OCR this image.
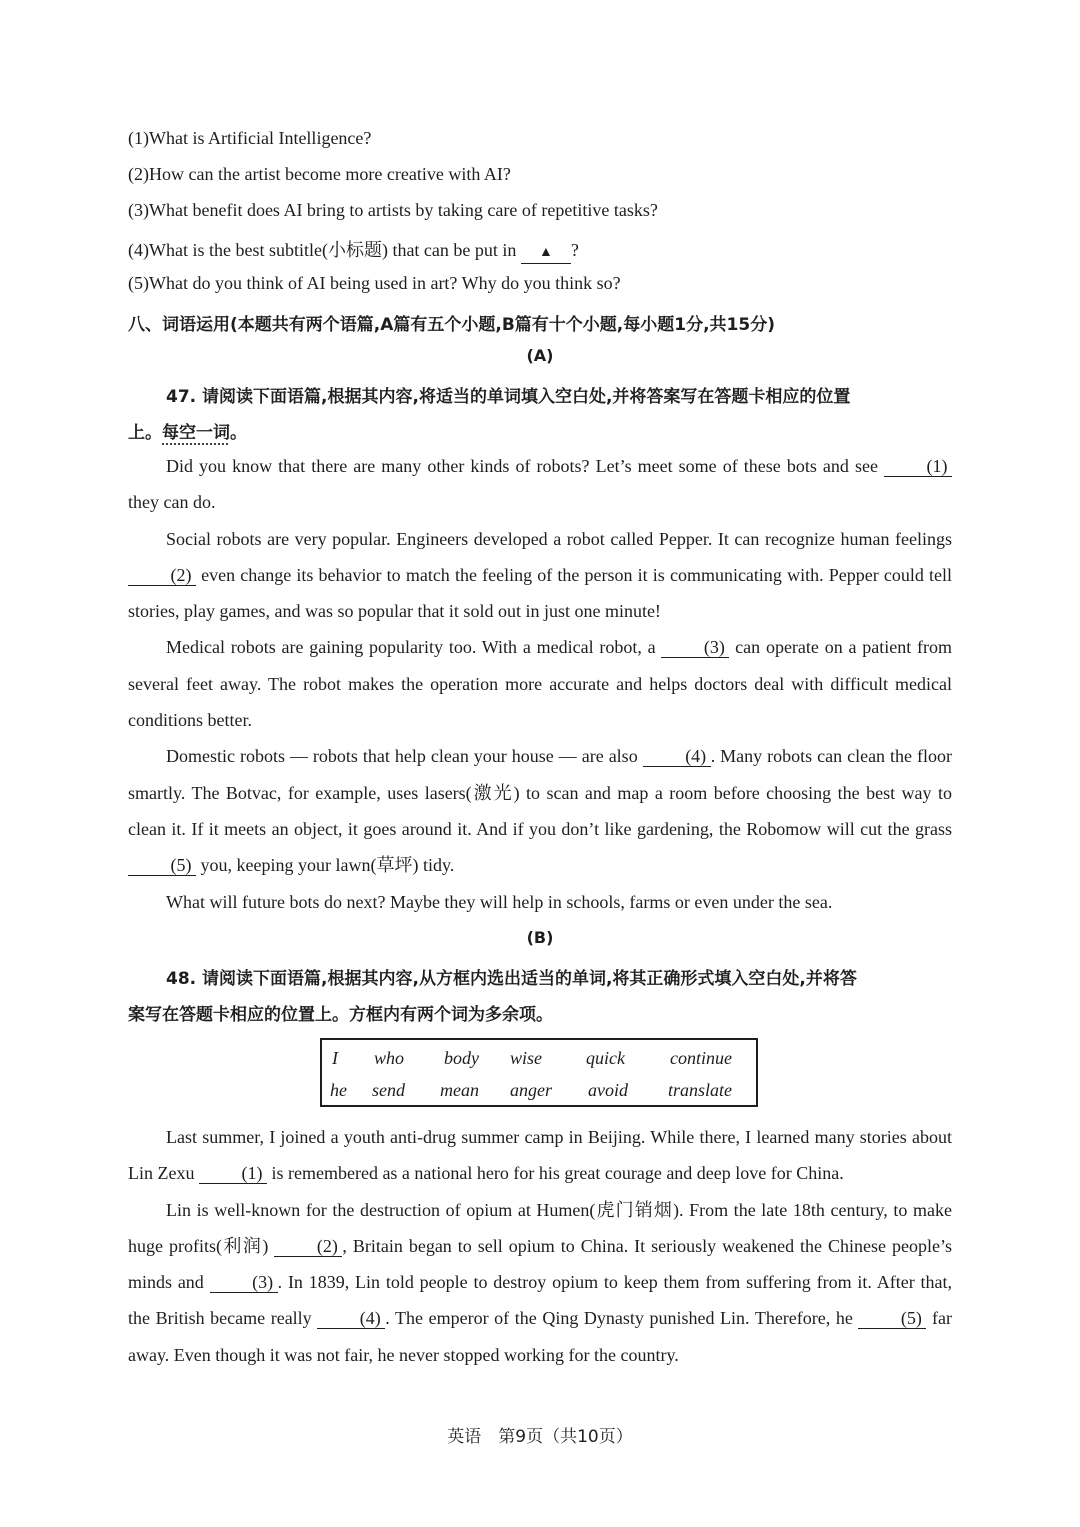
(1)What is Artificial Intelligence?
(2)How can the artist become more creative with AI?
(3)What benefit does AI bring to artists by taking care of repetitive tasks?
(4)What is the best subtitle(小标题) that can be put in ▲ ?
(5)What do you think of AI being used in art? Why do you think so?
八、词语运用(本题共有两个语篇,A篇有五个小题,B篇有十个小题,每小题1分,共15分)
(A)
47. 请阅读下面语篇,根据其内容,将适当的单词填入空白处,并将答案写在答题卡相应的位置
上。每空一词。

Did you know that there are many other kinds of robots? Let’s meet some of these bots and see	(1) they can do.

Social robots are very popular. Engineers developed a robot called Pepper. It can recognize human feelings (2) even change its behavior to match the feeling of the person it is communicating with. Pepper could tell stories, play games, and was so popular that it sold out in just one minute!

Medical robots are gaining popularity too. With a medical robot, a (3) can operate on a patient from several feet away. The robot makes the operation more accurate and helps doctors deal with difficult medical conditions better.

Domestic robots — robots that help clean your house — are also (4) . Many robots can clean the floor smartly. The Botvac, for example, uses lasers(激光) to scan and map a room before choosing the best way to clean it. If it meets an object, it goes around it. And if you don’t like gardening, the Robomow will cut the grass (5) you, keeping your lawn(草坪) tidy.

What will future bots do next? Maybe they will help in schools, farms or even under the sea.

(B)
48. 请阅读下面语篇,根据其内容,从方框内选出适当的单词,将其正确形式填入空白处,并将答
案写在答题卡相应的位置上。方框内有两个词为多余项。
I who body wise quick	continue
he send mean anger avoid translate

Last summer, I joined a youth anti-drug summer camp in Beijing. While there, I learned many stories about Lin Zexu (1) is remembered as a national hero for his great courage and deep love for China.

Lin is well-known for the destruction of opium at Humen(虎门销烟). From the late 18th century, to make huge profits(利润) (2) , Britain began to sell opium to China. It seriously weakened the Chinese people’s minds and (3) . In 1839, Lin told people to destroy opium to keep them from suffering from it. After that, the British became really (4) . The emperor of the Qing Dynasty punished Lin. Therefore, he (5) far away. Even though it was not fair, he never stopped working for the country.

英语　第9页（共10页）
